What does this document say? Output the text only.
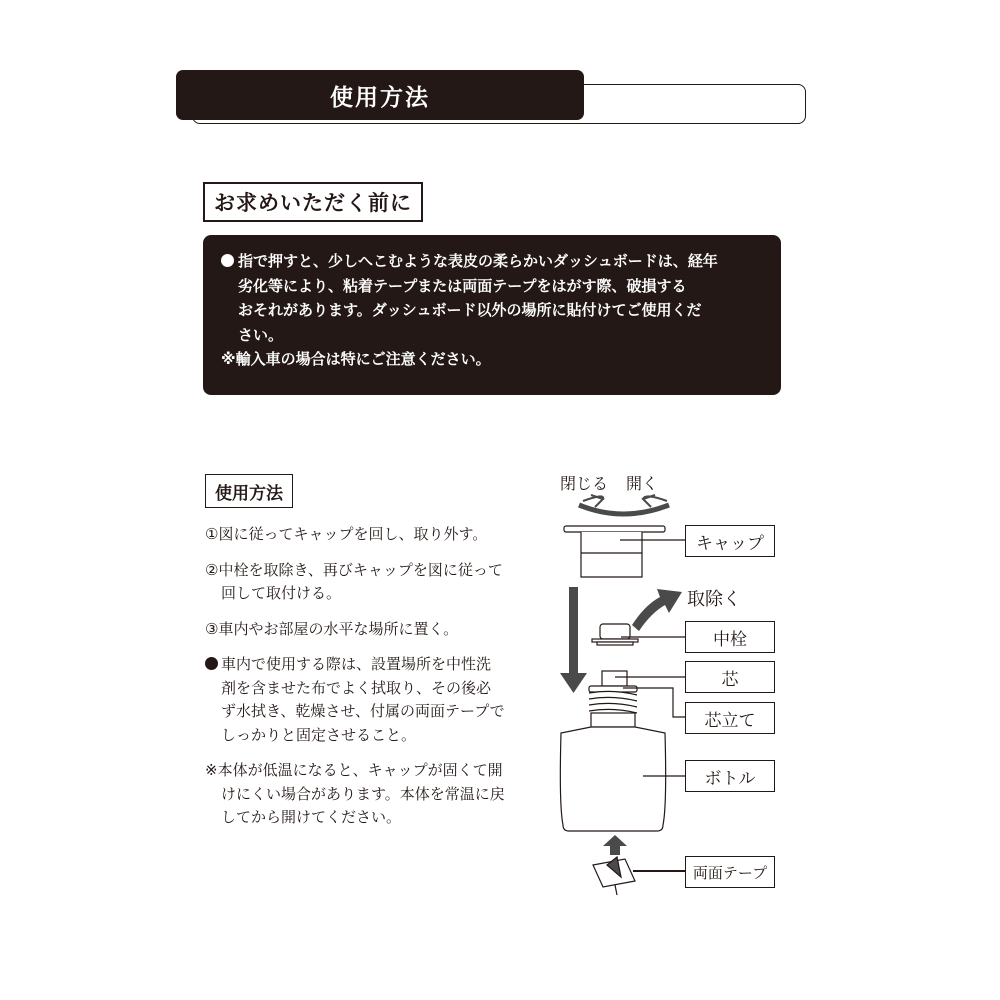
使用方法
お求めいただく前に
指で押すと、少しへこむような表皮の柔らかいダッシュボードは、経年
劣化等により、粘着テープまたは両面テープをはがす際、破損する
おそれがあります。ダッシュボード以外の場所に貼付けてご使用くだ
さい。
※輸入車の場合は特にご注意ください。
使用方法
①図に従ってキャップを回し、取り外す。
②中栓を取除き、再びキャップを図に従って回して取付ける。
③車内やお部屋の水平な場所に置く。
車内で使用する際は、設置場所を中性洗剤を含ませた布でよく拭取り、その後必ず水拭き、乾燥させ、付属の両面テープでしっかりと固定させること。
※本体が低温になると、キャップが固くて開けにくい場合があります。本体を常温に戻してから開けてください。
閉じる 開く
取除く
キャップ
中栓
芯
芯立て
ボトル
両面テープ
